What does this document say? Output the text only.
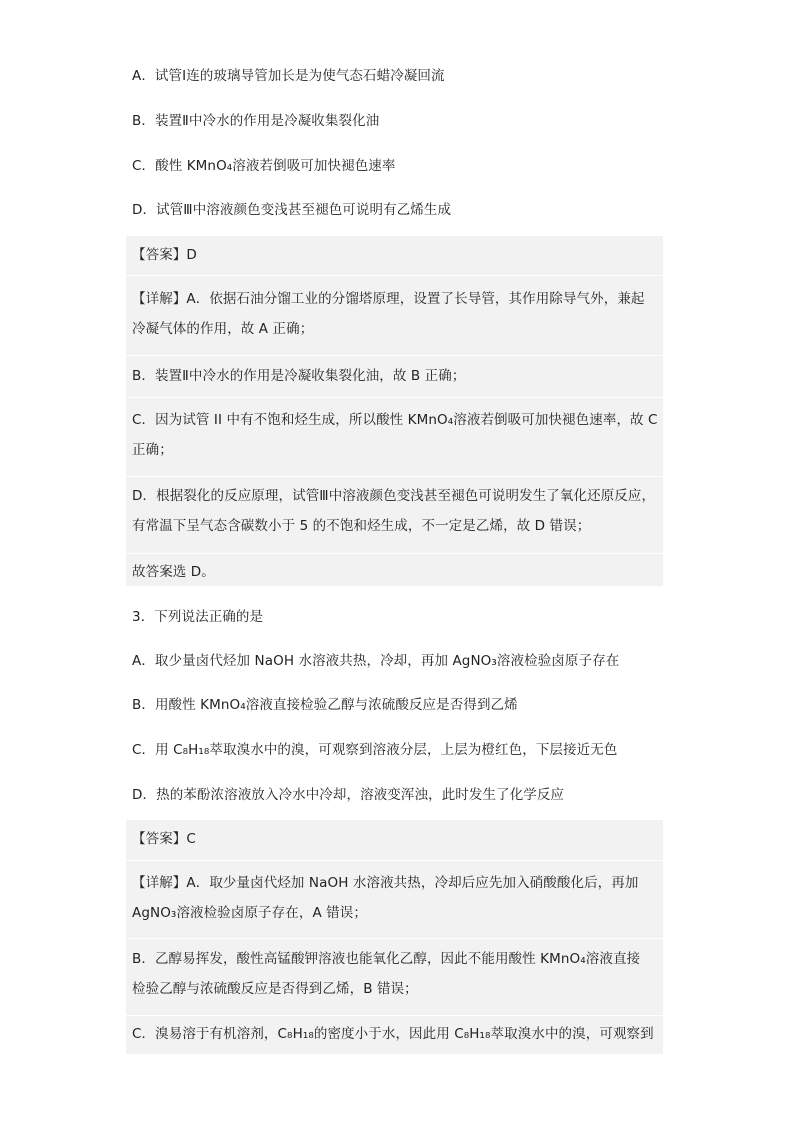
A．试管Ⅰ连的玻璃导管加长是为使气态石蜡冷凝回流
B．装置Ⅱ中冷水的作用是冷凝收集裂化油
C．酸性 KMnO₄溶液若倒吸可加快褪色速率
D．试管Ⅲ中溶液颜色变浅甚至褪色可说明有乙烯生成
【答案】D
【详解】A．依据石油分馏工业的分馏塔原理，设置了长导管，其作用除导气外，兼起
冷凝气体的作用，故 A 正确；
B．装置Ⅱ中冷水的作用是冷凝收集裂化油，故 B 正确；
C．因为试管 II 中有不饱和烃生成，所以酸性 KMnO₄溶液若倒吸可加快褪色速率，故 C
正确；
D．根据裂化的反应原理，试管Ⅲ中溶液颜色变浅甚至褪色可说明发生了氧化还原反应，
有常温下呈气态含碳数小于 5 的不饱和烃生成，不一定是乙烯，故 D 错误；
故答案选 D。
3．下列说法正确的是
A．取少量卤代烃加 NaOH 水溶液共热，冷却，再加 AgNO₃溶液检验卤原子存在
B．用酸性 KMnO₄溶液直接检验乙醇与浓硫酸反应是否得到乙烯
C．用 C₈H₁₈萃取溴水中的溴，可观察到溶液分层，上层为橙红色，下层接近无色
D．热的苯酚浓溶液放入冷水中冷却，溶液变浑浊，此时发生了化学反应
【答案】C
【详解】A．取少量卤代烃加 NaOH 水溶液共热，冷却后应先加入硝酸酸化后，再加
AgNO₃溶液检验卤原子存在，A 错误；
B．乙醇易挥发，酸性高锰酸钾溶液也能氧化乙醇，因此不能用酸性 KMnO₄溶液直接
检验乙醇与浓硫酸反应是否得到乙烯，B 错误；
C．溴易溶于有机溶剂，C₈H₁₈的密度小于水，因此用 C₈H₁₈萃取溴水中的溴，可观察到
